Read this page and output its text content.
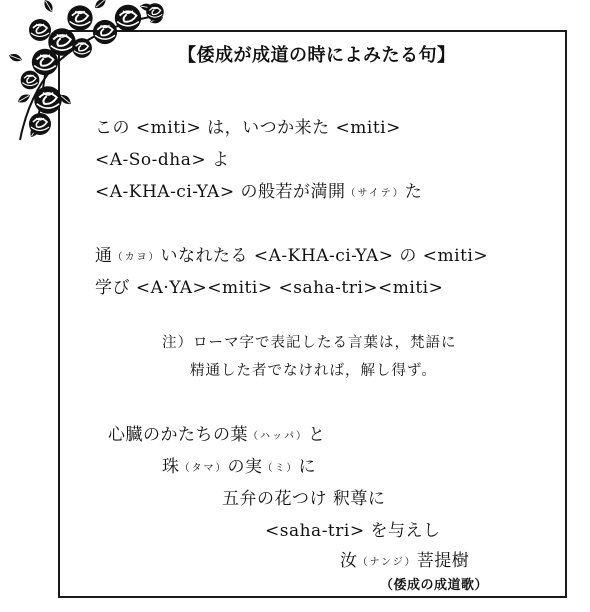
【倭成が成道の時によみたる句】
この <miti> は，いつか来た <miti>
<A-So-dha> よ
<A-KHA-ci-YA> の般若が満開（サイテ）た
通（カヨ）いなれたる <A-KHA-ci-YA> の <miti>
学び <A·YA><miti> <saha-tri><miti>
注）ローマ字で表記したる言葉は，梵語に
精通した者でなければ，解し得ず。
心臓のかたちの葉（ハッパ）と
珠（タマ）の実（ミ）に
五弁の花つけ 釈尊に
<saha-tri> を与えし
汝（ナンジ）菩提樹
（倭成の成道歌）
